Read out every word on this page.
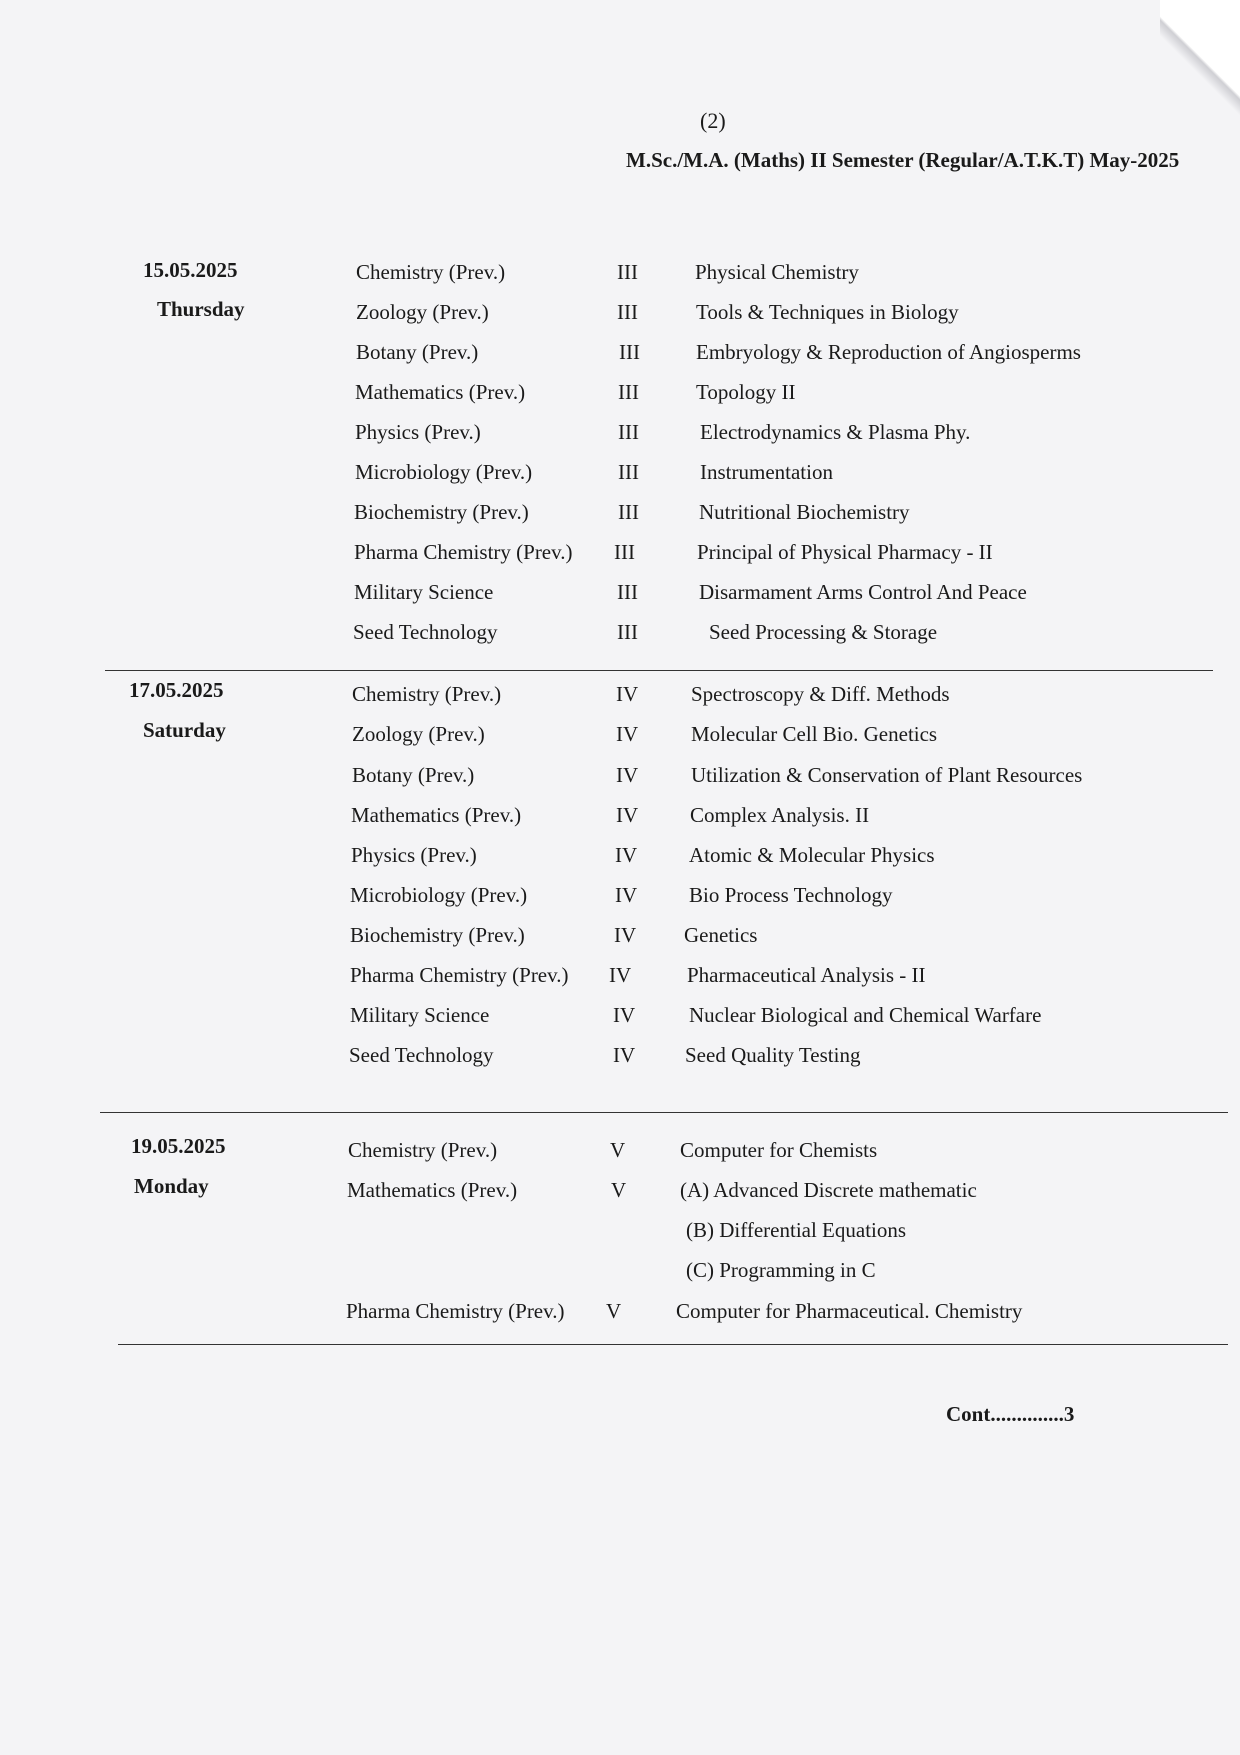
(2)
M.Sc./M.A. (Maths) II Semester (Regular/A.T.K.T) May-2025
15.05.2025
Thursday
Chemistry (Prev.)	III	Physical Chemistry
Zoology (Prev.)	III	Tools & Techniques in Biology
Botany (Prev.)	III	Embryology & Reproduction of Angiosperms
Mathematics (Prev.)	III	Topology II
Physics (Prev.)	III	Electrodynamics & Plasma Phy.
Microbiology (Prev.)	III	Instrumentation
Biochemistry (Prev.)	III	Nutritional Biochemistry
Pharma Chemistry (Prev.) III	Principal of Physical Pharmacy - II
Military Science	III	Disarmament Arms Control And Peace
Seed Technology	III	Seed Processing & Storage
17.05.2025
Saturday
Chemistry (Prev.)	IV	Spectroscopy & Diff. Methods
Zoology (Prev.)	IV	Molecular Cell Bio. Genetics
Botany (Prev.)	IV	Utilization & Conservation of Plant Resources
Mathematics (Prev.)	IV Complex Analysis. II
Physics (Prev.)	IV Atomic & Molecular Physics
Microbiology (Prev.)	IV Bio Process Technology
Biochemistry (Prev.)	IV Genetics
Pharma Chemistry (Prev.) IV	Pharmaceutical Analysis - II
Military Science	IV	Nuclear Biological and Chemical Warfare
Seed Technology	IV Seed Quality Testing
19.05.2025
Monday
Chemistry (Prev.)	V	Computer for Chemists
Mathematics (Prev.)	V	(A) Advanced Discrete mathematic
(B) Differential Equations
(C) Programming in C
Pharma Chemistry (Prev.) V	Computer for Pharmaceutical. Chemistry
Cont..............3
